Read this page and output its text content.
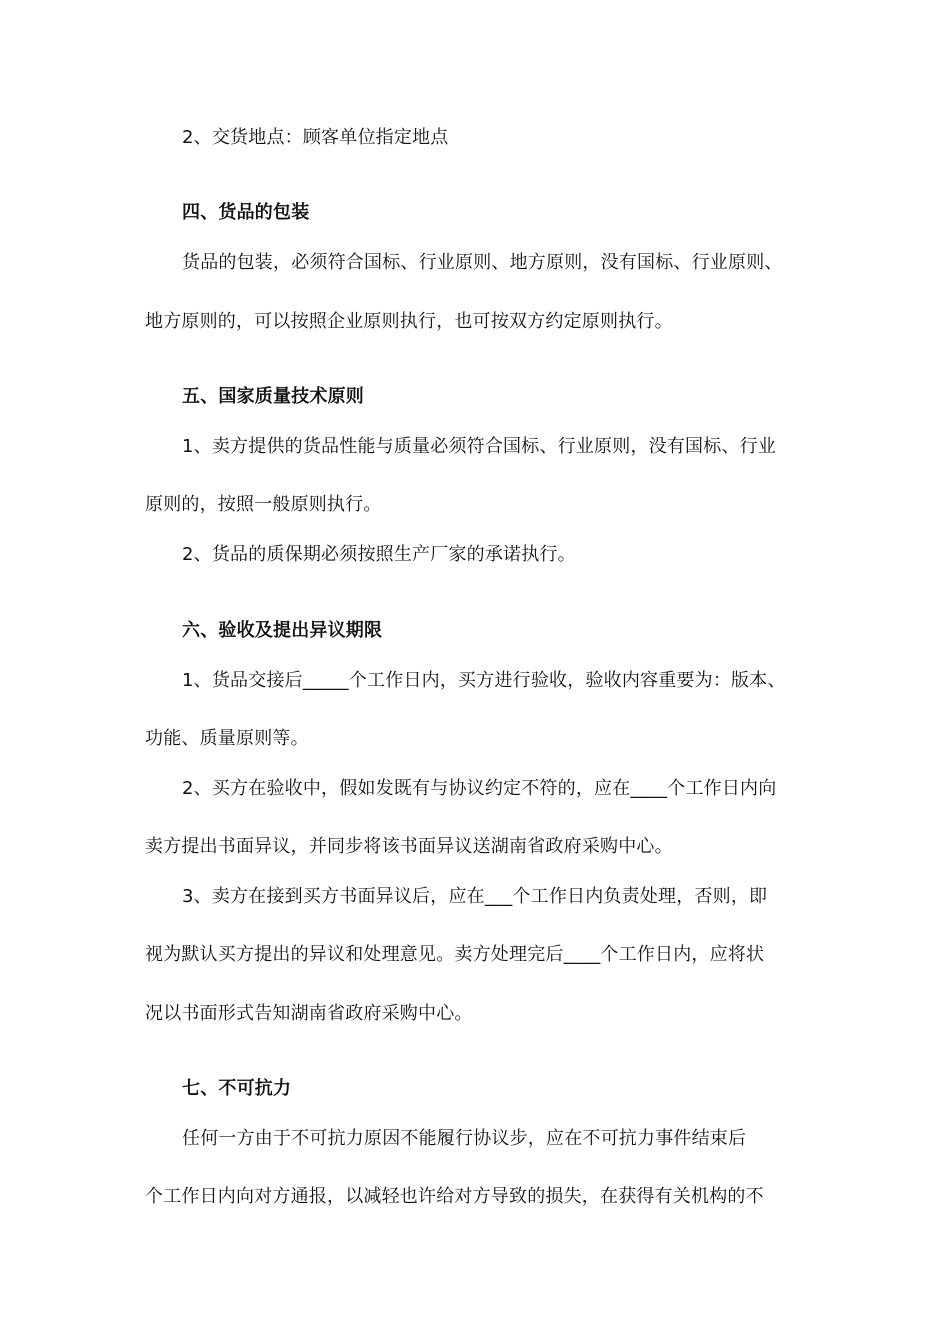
2、交货地点：顾客单位指定地点
四、货品的包装
货品的包装，必须符合国标、行业原则、地方原则，没有国标、行业原则、
地方原则的，可以按照企业原则执行，也可按双方约定原则执行。
五、国家质量技术原则
1、卖方提供的货品性能与质量必须符合国标、行业原则，没有国标、行业
原则的，按照一般原则执行。
2、货品的质保期必须按照生产厂家的承诺执行。
六、验收及提出异议期限
1、货品交接后_____个工作日内，买方进行验收，验收内容重要为：版本、
功能、质量原则等。
2、买方在验收中，假如发既有与协议约定不符的，应在____个工作日内向
卖方提出书面异议，并同步将该书面异议送湖南省政府采购中心。
3、卖方在接到买方书面异议后，应在___个工作日内负责处理，否则，即
视为默认买方提出的异议和处理意见。卖方处理完后____个工作日内，应将状
况以书面形式告知湖南省政府采购中心。
七、不可抗力
任何一方由于不可抗力原因不能履行协议步，应在不可抗力事件结束后
个工作日内向对方通报，以减轻也许给对方导致的损失，在获得有关机构的不
